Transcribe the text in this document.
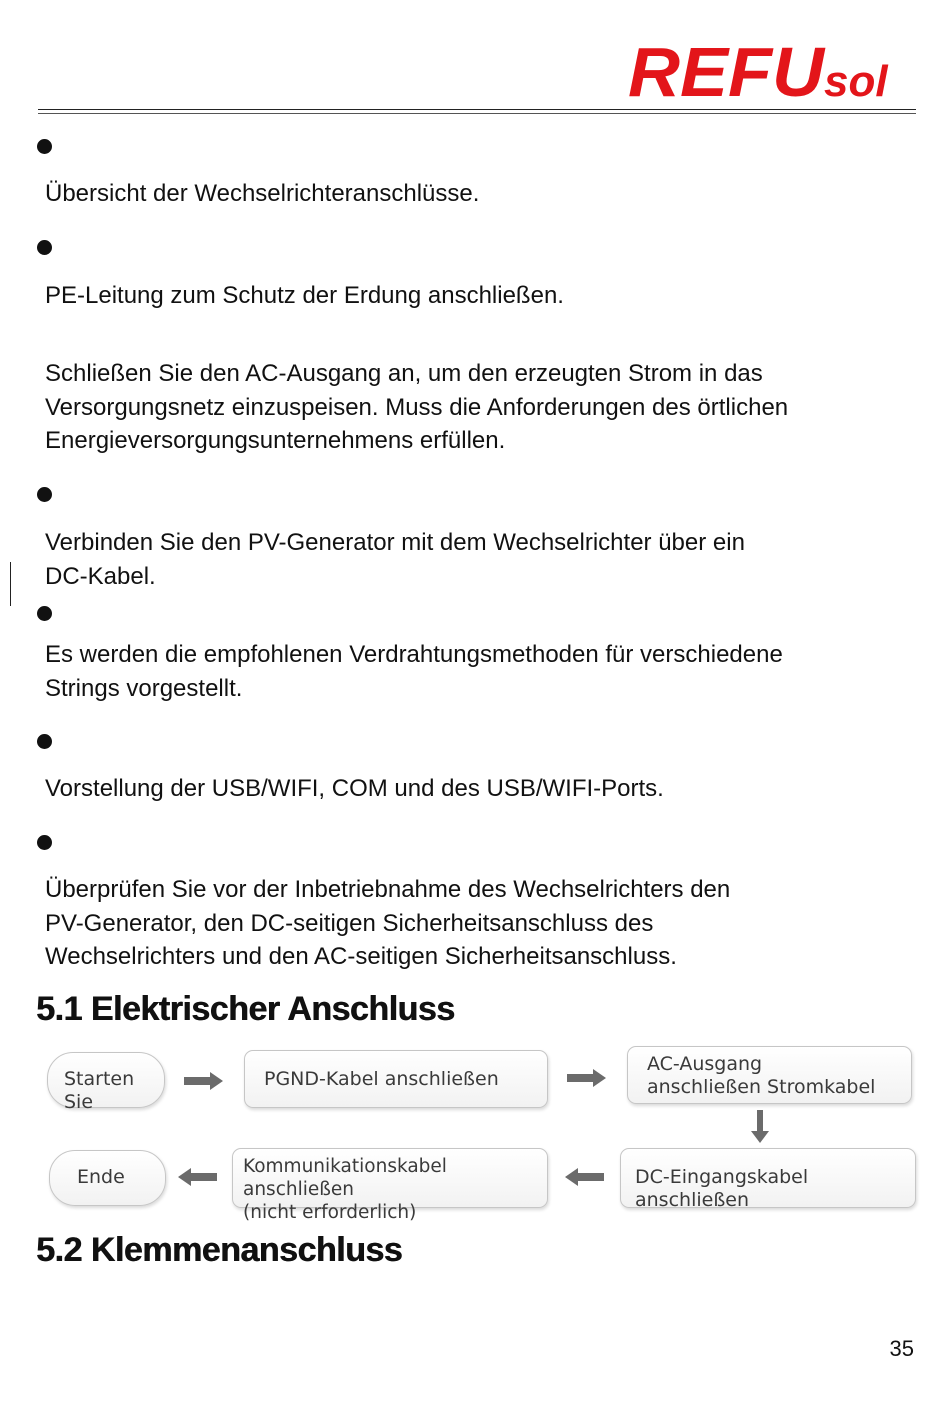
REFU
sol
Übersicht der Wechselrichteranschlüsse.
PE-Leitung zum Schutz der Erdung anschließen.
Schließen Sie den AC-Ausgang an, um den erzeugten Strom in das
Versorgungsnetz einzuspeisen. Muss die Anforderungen des örtlichen
Energieversorgungsunternehmens erfüllen.
Verbinden Sie den PV-Generator mit dem Wechselrichter über ein
DC-Kabel.
Es werden die empfohlenen Verdrahtungsmethoden für verschiedene
Strings vorgestellt.
Vorstellung der USB/WIFI, COM und des USB/WIFI-Ports.
Überprüfen Sie vor der Inbetriebnahme des Wechselrichters den
PV-Generator, den DC-seitigen Sicherheitsanschluss des
Wechselrichters und den AC-seitigen Sicherheitsanschluss.
5.1 Elektrischer Anschluss
Starten Sie
PGND-Kabel anschließen
AC-Ausgang
anschließen Stromkabel
DC-Eingangskabel anschließen
Kommunikationskabel anschließen
(nicht erforderlich)
Ende
5.2 Klemmenanschluss
35
